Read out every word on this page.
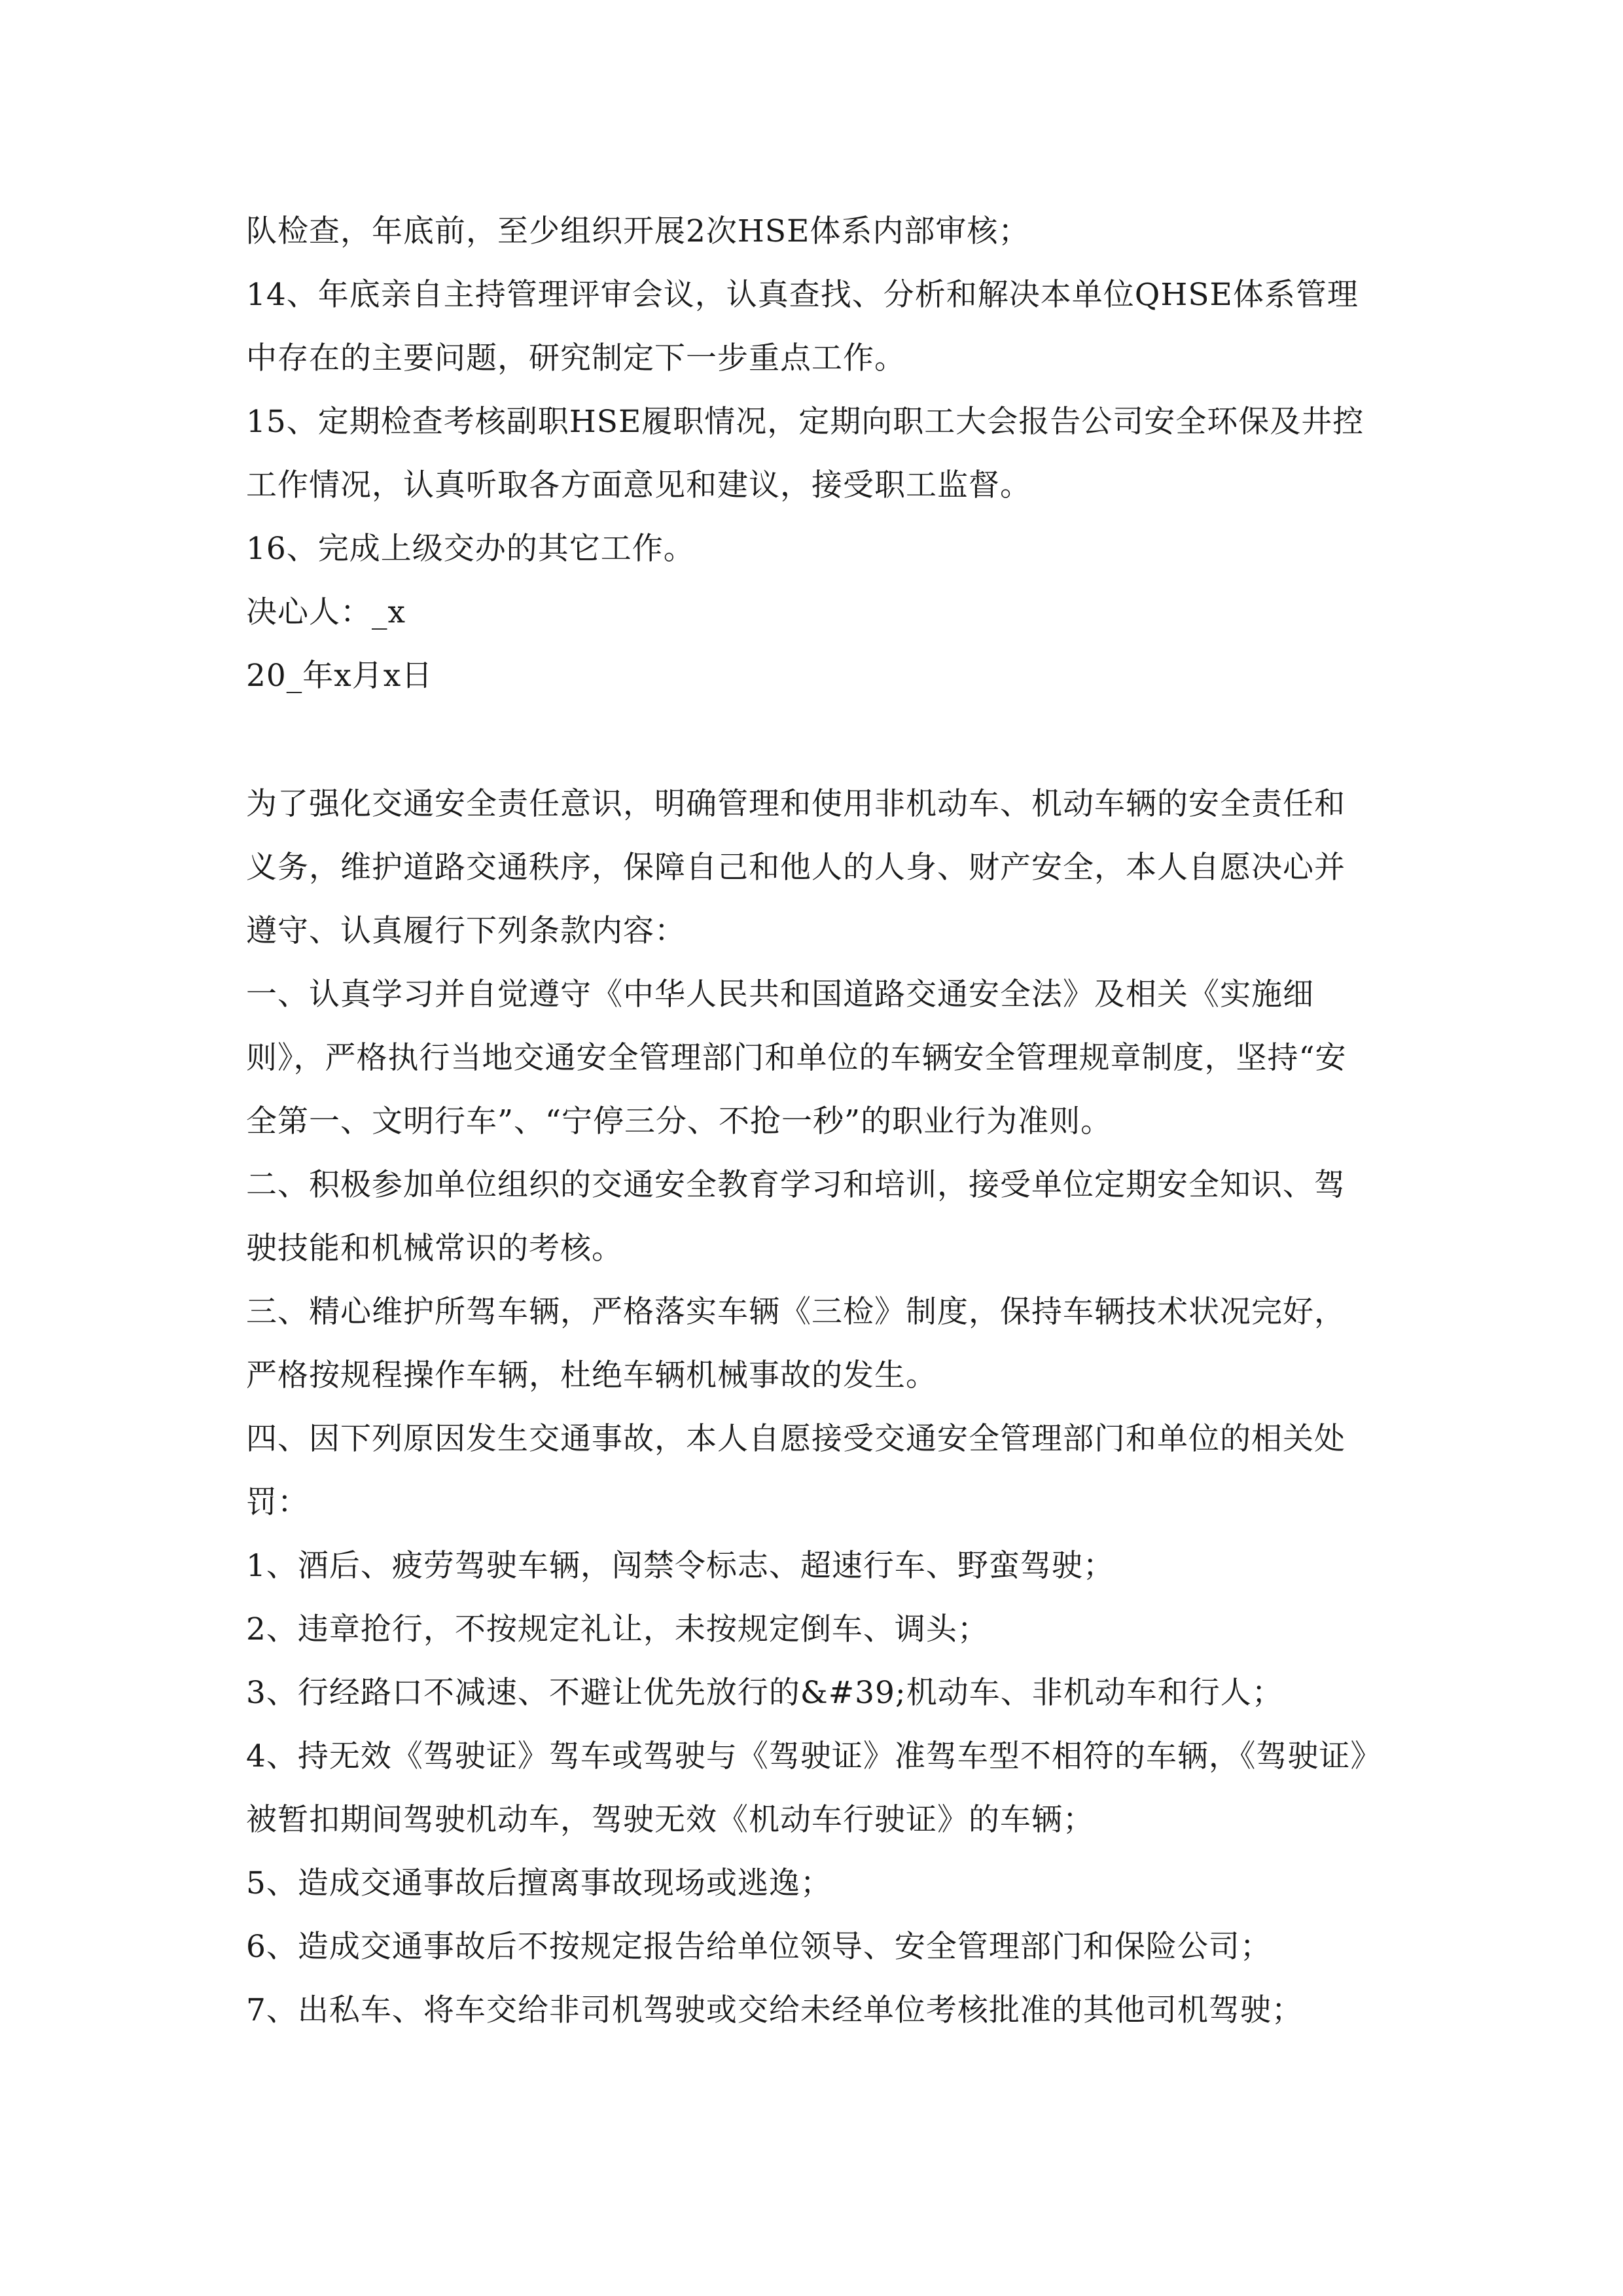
队检查，年底前，至少组织开展2次HSE体系内部审核；
14、年底亲自主持管理评审会议，认真查找、分析和解决本单位QHSE体系管理
中存在的主要问题，研究制定下一步重点工作。
15、定期检查考核副职HSE履职情况，定期向职工大会报告公司安全环保及井控
工作情况，认真听取各方面意见和建议，接受职工监督。
16、完成上级交办的其它工作。
决心人：_x
20_年x月x日
为了强化交通安全责任意识，明确管理和使用非机动车、机动车辆的安全责任和
义务，维护道路交通秩序，保障自己和他人的人身、财产安全，本人自愿决心并
遵守、认真履行下列条款内容：
一、认真学习并自觉遵守《中华人民共和国道路交通安全法》及相关《实施细
则》，严格执行当地交通安全管理部门和单位的车辆安全管理规章制度，坚持“安
全第一、文明行车”、“宁停三分、不抢一秒”的职业行为准则。
二、积极参加单位组织的交通安全教育学习和培训，接受单位定期安全知识、驾
驶技能和机械常识的考核。
三、精心维护所驾车辆，严格落实车辆《三检》制度，保持车辆技术状况完好，
严格按规程操作车辆，杜绝车辆机械事故的发生。
四、因下列原因发生交通事故，本人自愿接受交通安全管理部门和单位的相关处
罚：
1、酒后、疲劳驾驶车辆，闯禁令标志、超速行车、野蛮驾驶；
2、违章抢行，不按规定礼让，未按规定倒车、调头；
3、行经路口不减速、不避让优先放行的&#39;机动车、非机动车和行人；
4、持无效《驾驶证》驾车或驾驶与《驾驶证》准驾车型不相符的车辆，《驾驶证》
被暂扣期间驾驶机动车，驾驶无效《机动车行驶证》的车辆；
5、造成交通事故后擅离事故现场或逃逸；
6、造成交通事故后不按规定报告给单位领导、安全管理部门和保险公司；
7、出私车、将车交给非司机驾驶或交给未经单位考核批准的其他司机驾驶；
